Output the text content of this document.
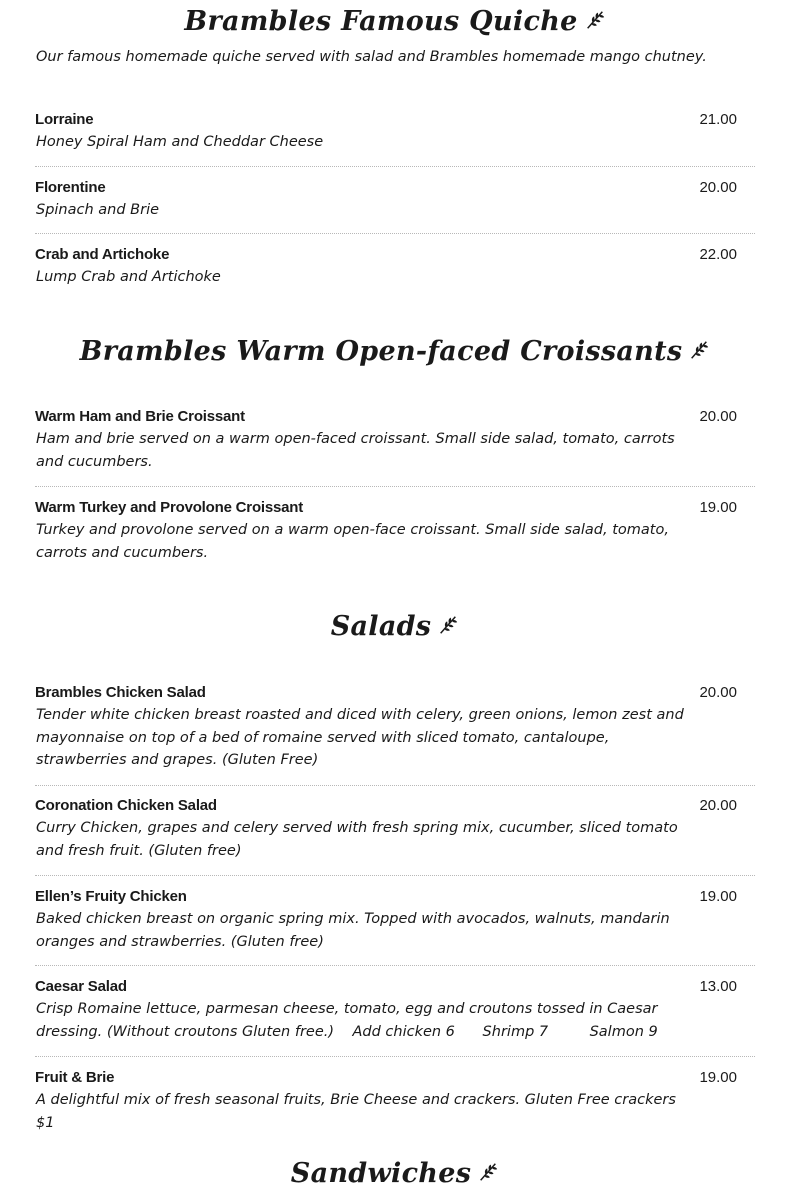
Brambles Famous Quiche

Our famous homemade quiche served with salad and Brambles homemade mango chutney.

Lorraine
Honey Spiral Ham and Cheddar Cheese
21.00
Florentine
Spinach and Brie
20.00
Crab and Artichoke
Lump Crab and Artichoke
22.00
Brambles Warm Open-faced Croissants
Warm Ham and Brie Croissant
Ham and brie served on a warm open-faced croissant. Small side salad, tomato, carrots and cucumbers.
20.00
Warm Turkey and Provolone Croissant
Turkey and provolone served on a warm open-face croissant. Small side salad, tomato, carrots and cucumbers.
19.00
Salads
Brambles Chicken Salad
Tender white chicken breast roasted and diced with celery, green onions, lemon zest and mayonnaise on top of a bed of romaine served with sliced tomato, cantaloupe, strawberries and grapes. (Gluten Free)
20.00
Coronation Chicken Salad
Curry Chicken, grapes and celery served with fresh spring mix, cucumber, sliced tomato and fresh fruit. (Gluten free)
20.00
Ellen’s Fruity Chicken
Baked chicken breast on organic spring mix. Topped with avocados, walnuts, mandarin oranges and strawberries. (Gluten free)
19.00
Caesar Salad
Crisp Romaine lettuce, parmesan cheese, tomato, egg and croutons tossed in Caesar dressing. (Without croutons Gluten free.)    Add chicken 6      Shrimp 7         Salmon 9
13.00
Fruit & Brie
A delightful mix of fresh seasonal fruits, Brie Cheese and crackers. Gluten Free crackers $1
19.00
Sandwiches
